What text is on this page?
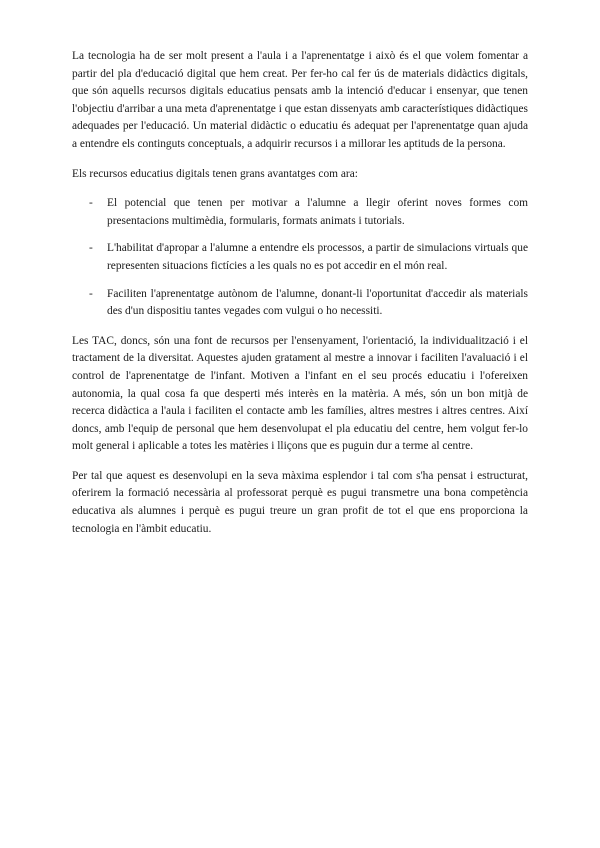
La tecnologia ha de ser molt present a l'aula i a l'aprenentatge i això és el que volem fomentar a partir del pla d'educació digital que hem creat. Per fer-ho cal fer ús de materials didàctics digitals, que són aquells recursos digitals educatius pensats amb la intenció d'educar i ensenyar, que tenen l'objectiu d'arribar a una meta d'aprenentatge i que estan dissenyats amb característiques didàctiques adequades per l'educació. Un material didàctic o educatiu és adequat per l'aprenentatge quan ajuda a entendre els continguts conceptuals, a adquirir recursos i a millorar les aptituds de la persona.

Els recursos educatius digitals tenen grans avantatges com ara:

- El potencial que tenen per motivar a l'alumne a llegir oferint noves formes com presentacions multimèdia, formularis, formats animats i tutorials.
- L'habilitat d'apropar a l'alumne a entendre els processos, a partir de simulacions virtuals que representen situacions fictícies a les quals no es pot accedir en el món real.
- Faciliten l'aprenentatge autònom de l'alumne, donant-li l'oportunitat d'accedir als materials des d'un dispositiu tantes vegades com vulgui o ho necessiti.

Les TAC, doncs, són una font de recursos per l'ensenyament, l'orientació, la individualització i el tractament de la diversitat. Aquestes ajuden gratament al mestre a innovar i faciliten l'avaluació i el control de l'aprenentatge de l'infant. Motiven a l'infant en el seu procés educatiu i l'ofereixen autonomia, la qual cosa fa que desperti més interès en la matèria. A més, són un bon mitjà de recerca didàctica a l'aula i faciliten el contacte amb les famílies, altres mestres i altres centres. Així doncs, amb l'equip de personal que hem desenvolupat el pla educatiu del centre, hem volgut fer-lo molt general i aplicable a totes les matèries i lliçons que es puguin dur a terme al centre.

Per tal que aquest es desenvolupi en la seva màxima esplendor i tal com s'ha pensat i estructurat, oferirem la formació necessària al professorat perquè es pugui transmetre una bona competència educativa als alumnes i perquè es pugui treure un gran profit de tot el que ens proporciona la tecnologia en l'àmbit educatiu.
